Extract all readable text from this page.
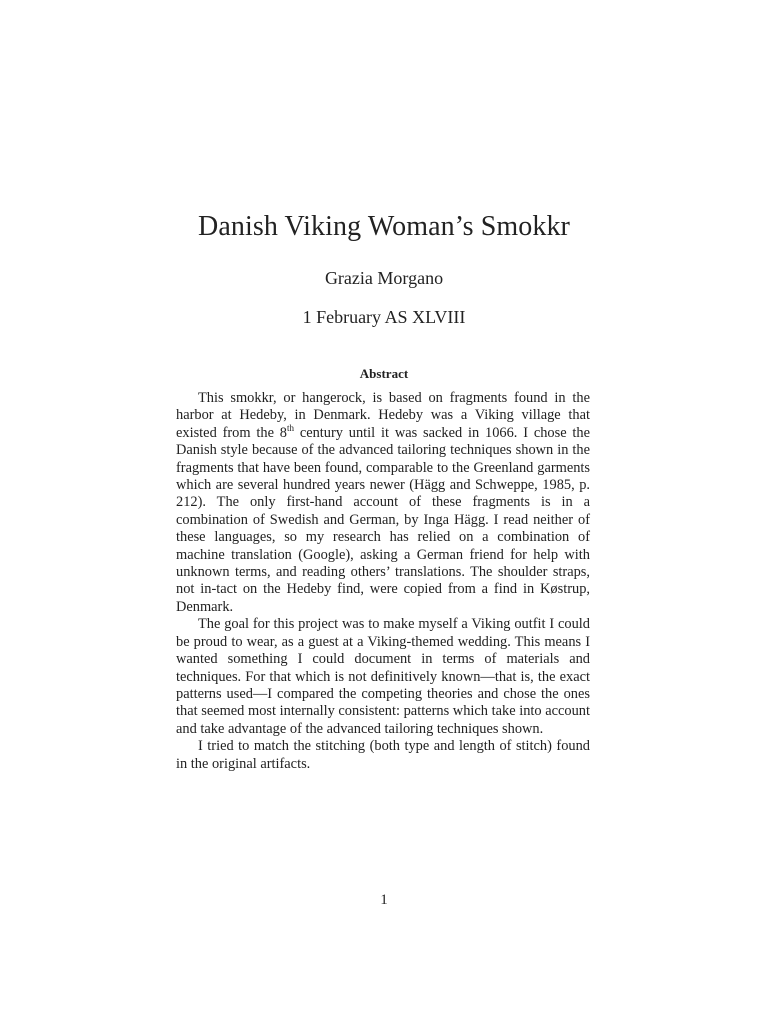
Danish Viking Woman’s Smokkr
Grazia Morgano
1 February AS XLVIII
Abstract

This smokkr, or hangerock, is based on fragments found in the harbor at Hedeby, in Denmark. Hedeby was a Viking village that existed from the 8th century until it was sacked in 1066. I chose the Danish style because of the advanced tailoring techniques shown in the fragments that have been found, comparable to the Greenland garments which are several hundred years newer (Hägg and Schweppe, 1985, p. 212). The only first-hand account of these fragments is in a combination of Swedish and German, by Inga Hägg. I read neither of these languages, so my research has relied on a combination of machine translation (Google), asking a German friend for help with unknown terms, and reading others’ translations. The shoulder straps, not in-tact on the Hedeby find, were copied from a find in Køstrup, Denmark.

The goal for this project was to make myself a Viking outfit I could be proud to wear, as a guest at a Viking-themed wedding. This means I wanted something I could document in terms of materials and techniques. For that which is not definitively known—that is, the exact patterns used—I compared the competing theories and chose the ones that seemed most internally consistent: patterns which take into account and take advantage of the advanced tailoring techniques shown.

I tried to match the stitching (both type and length of stitch) found in the original artifacts.

1
